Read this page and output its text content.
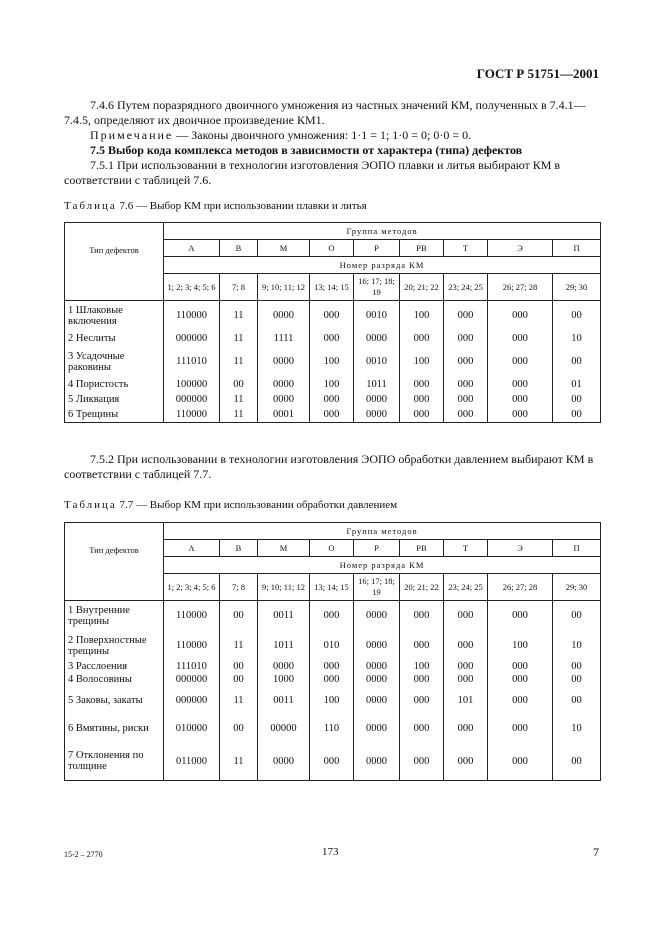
ГОСТ Р 51751—2001
7.4.6 Путем поразрядного двоичного умножения из частных значений КМ, полученных в 7.4.1—7.4.5, определяют их двоичное произведение КМ1.
Примечание — Законы двоичного умножения: 1·1 = 1; 1·0 = 0; 0·0 = 0.
7.5 Выбор кода комплекса методов в зависимости от характера (типа) дефектов
7.5.1 При использовании в технологии изготовления ЭОПО плавки и литья выбирают КМ в соответствии с таблицей 7.6.
Таблица 7.6 — Выбор КМ при использовании плавки и литья
Тип дефектов	Группа методов								
	A	B	M	O	P	PB	T	Э	П
	Номер разряда КМ								
	1; 2; 3; 4; 5; 6	7; 8	9; 10; 11; 12	13; 14; 15	16; 17; 18; 19	20; 21; 22	23; 24; 25	26; 27; 28	29; 30
1 Шлаковые включения	110000	11	0000	000	0010	100	000	000	00
2 Неслиты	000000	11	1111	000	0000	000	000	000	10
3 Усадочные раковины	111010	11	0000	100	0010	100	000	000	00
4 Пористость	100000	00	0000	100	1011	000	000	000	01
5 Ликвация	000000	11	0000	000	0000	000	000	000	00
6 Трещины	110000	11	0001	000	0000	000	000	000	00
7.5.2 При использовании в технологии изготовления ЭОПО обработки давлением выбирают КМ в соответствии с таблицей 7.7.
Таблица 7.7 — Выбор КМ при использовании обработки давлением
Тип дефектов	Группа методов								
	A	B	M	O	P	PB	T	Э	П
	Номер разряда КМ								
	1; 2; 3; 4; 5; 6	7; 8	9; 10; 11; 12	13; 14; 15	16; 17; 18; 19	20; 21; 22	23; 24; 25	26; 27; 28	29; 30
1 Внутренние трещины	110000	00	0011	000	0000	000	000	000	00
2 Поверхностные трещины	110000	11	1011	010	0000	000	000	100	10
3 Расслоения	111010	00	0000	000	0000	100	000	000	00
4 Волосовины	000000	00	1000	000	0000	000	000	000	00
5 Заковы, закаты	000000	11	0011	100	0000	000	101	000	00
6 Вмятины, риски	010000	00	00000	110	0000	000	000	000	10
7 Отклонения по толщине	011000	11	0000	000	0000	000	000	000	00
15-2 – 2770	173	7
